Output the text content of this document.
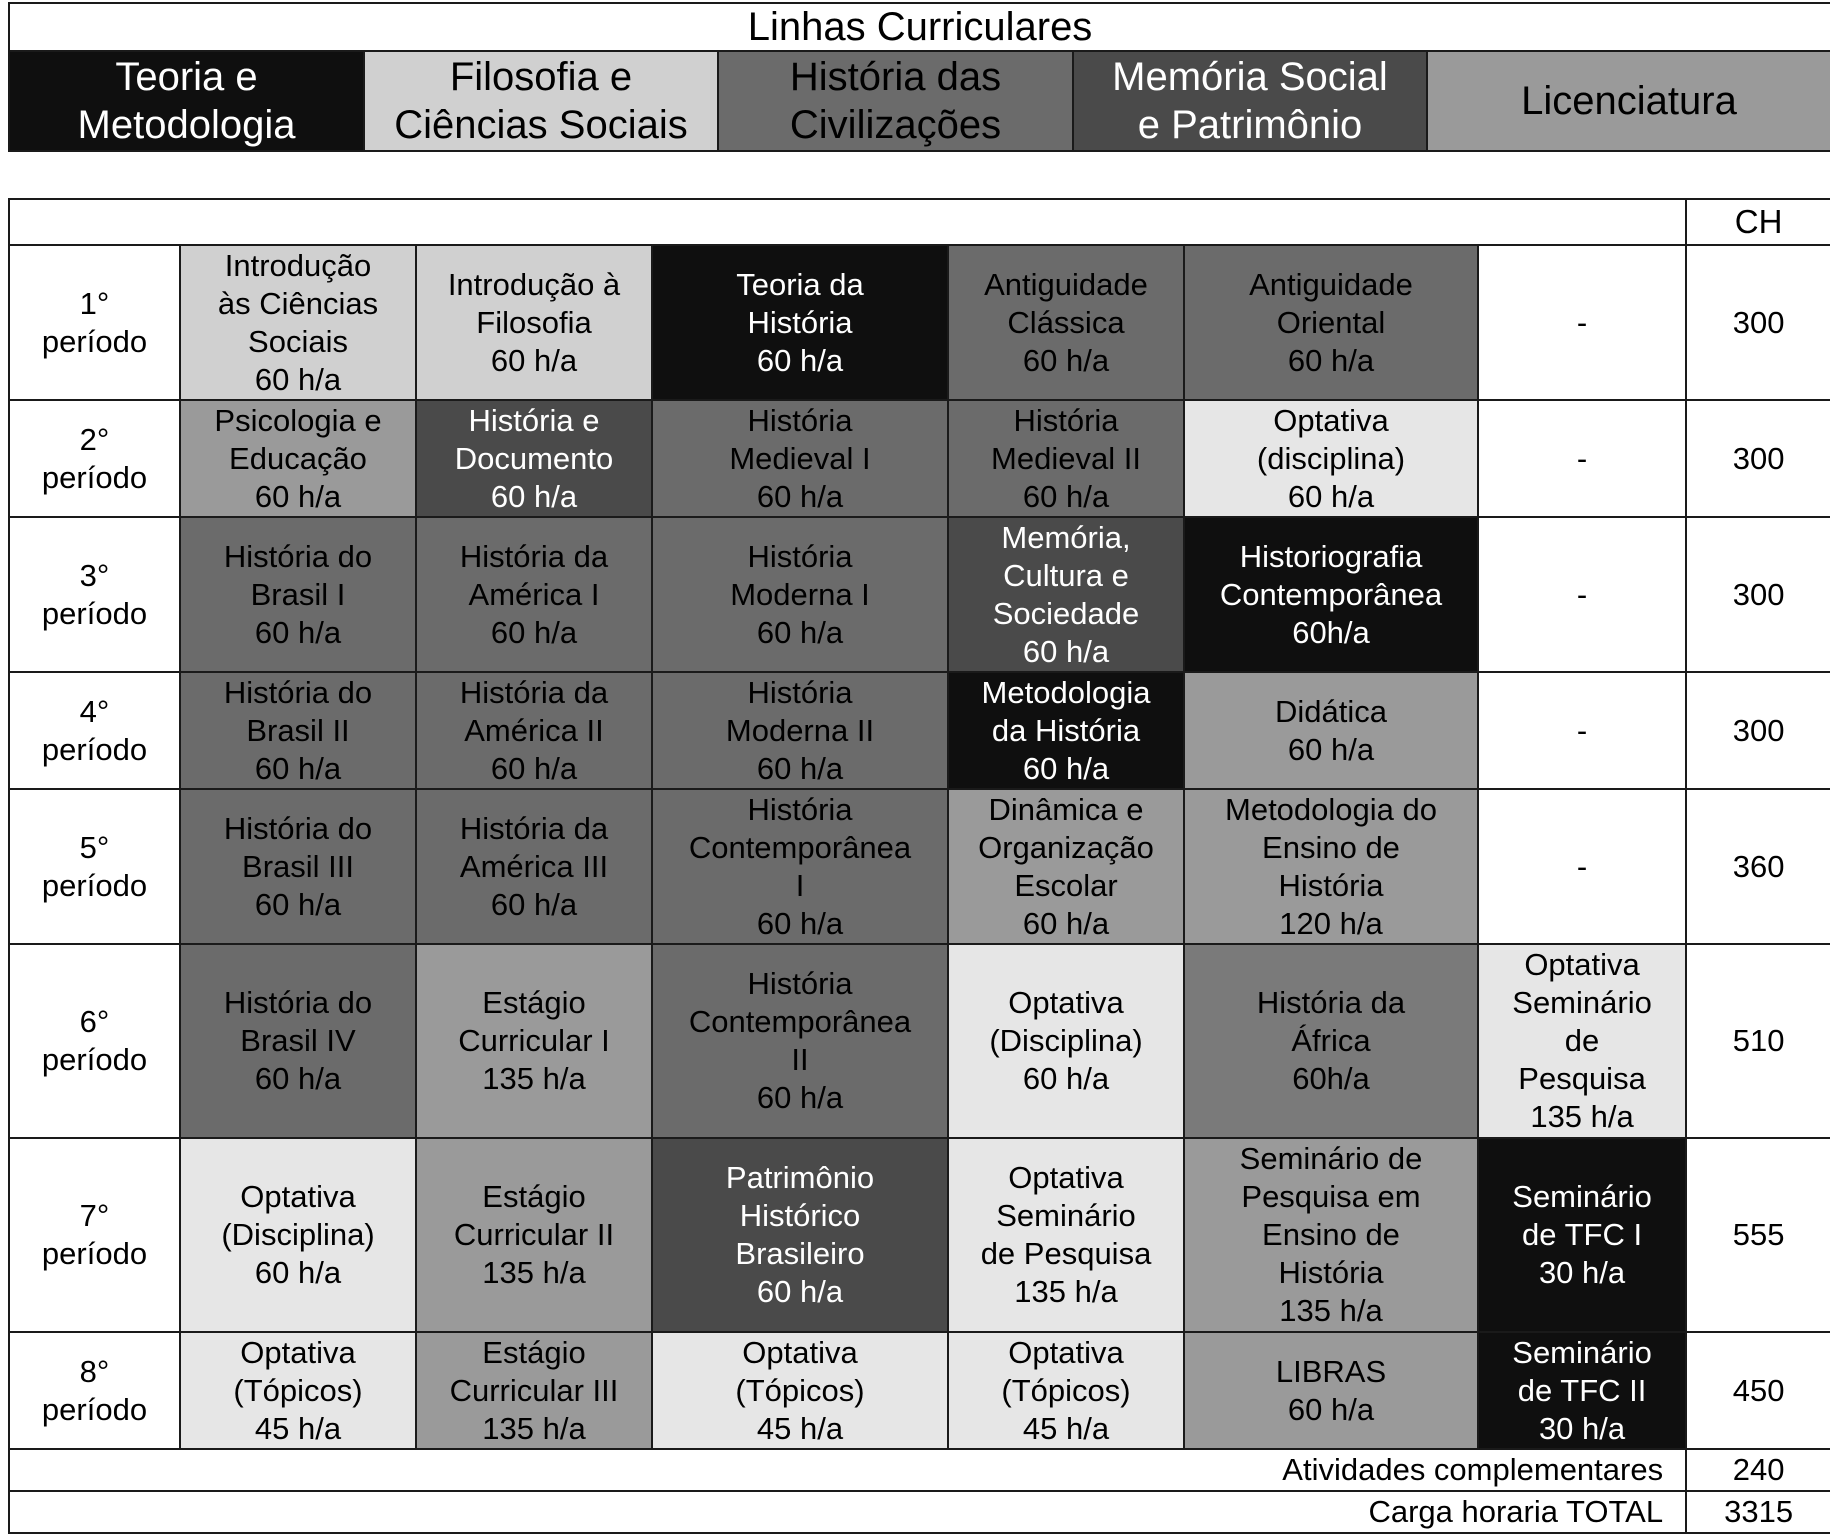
Linhas Curriculares
Teoria e
Metodologia	Filosofia e
Ciências Sociais	História das
Civilizações	Memória Social
e Patrimônio	Licenciatura
							CH
1°
período	Introdução
às Ciências
Sociais
60 h/a	Introdução à
Filosofia
60 h/a	Teoria da
História
60 h/a	Antiguidade
Clássica
60 h/a	Antiguidade
Oriental
60 h/a	-	300
2°
período	Psicologia e
Educação
60 h/a	História e
Documento
60 h/a	História
Medieval I
60 h/a	História
Medieval II
60 h/a	Optativa
(disciplina)
60 h/a	-	300
3°
período	História do
Brasil I
60 h/a	História da
América I
60 h/a	História
Moderna I
60 h/a	Memória,
Cultura e
Sociedade
60 h/a	Historiografia
Contemporânea
60h/a	-	300
4°
período	História do
Brasil II
60 h/a	História da
América II
60 h/a	História
Moderna II
60 h/a	Metodologia
da História
60 h/a	Didática
60 h/a	-	300
5°
período	História do
Brasil III
60 h/a	História da
América III
60 h/a	História
Contemporânea
I
60 h/a	Dinâmica e
Organização
Escolar
60 h/a	Metodologia do
Ensino de
História
120 h/a	-	360
6°
período	História do
Brasil IV
60 h/a	Estágio
Curricular I
135 h/a	História
Contemporânea
II
60 h/a	Optativa
(Disciplina)
60 h/a	História da
África
60h/a	Optativa
Seminário
de
Pesquisa
135 h/a	510
7°
período	Optativa
(Disciplina)
60 h/a	Estágio
Curricular II
135 h/a	Patrimônio
Histórico
Brasileiro
60 h/a	Optativa
Seminário
de Pesquisa
135 h/a	Seminário de
Pesquisa em
Ensino de
História
135 h/a	Seminário
de TFC I
30 h/a	555
8°
período	Optativa
(Tópicos)
45 h/a	Estágio
Curricular III
135 h/a	Optativa
(Tópicos)
45 h/a	Optativa
(Tópicos)
45 h/a	LIBRAS
60 h/a	Seminário
de TFC II
30 h/a	450
Atividades complementares							240
Carga horaria TOTAL							3315
